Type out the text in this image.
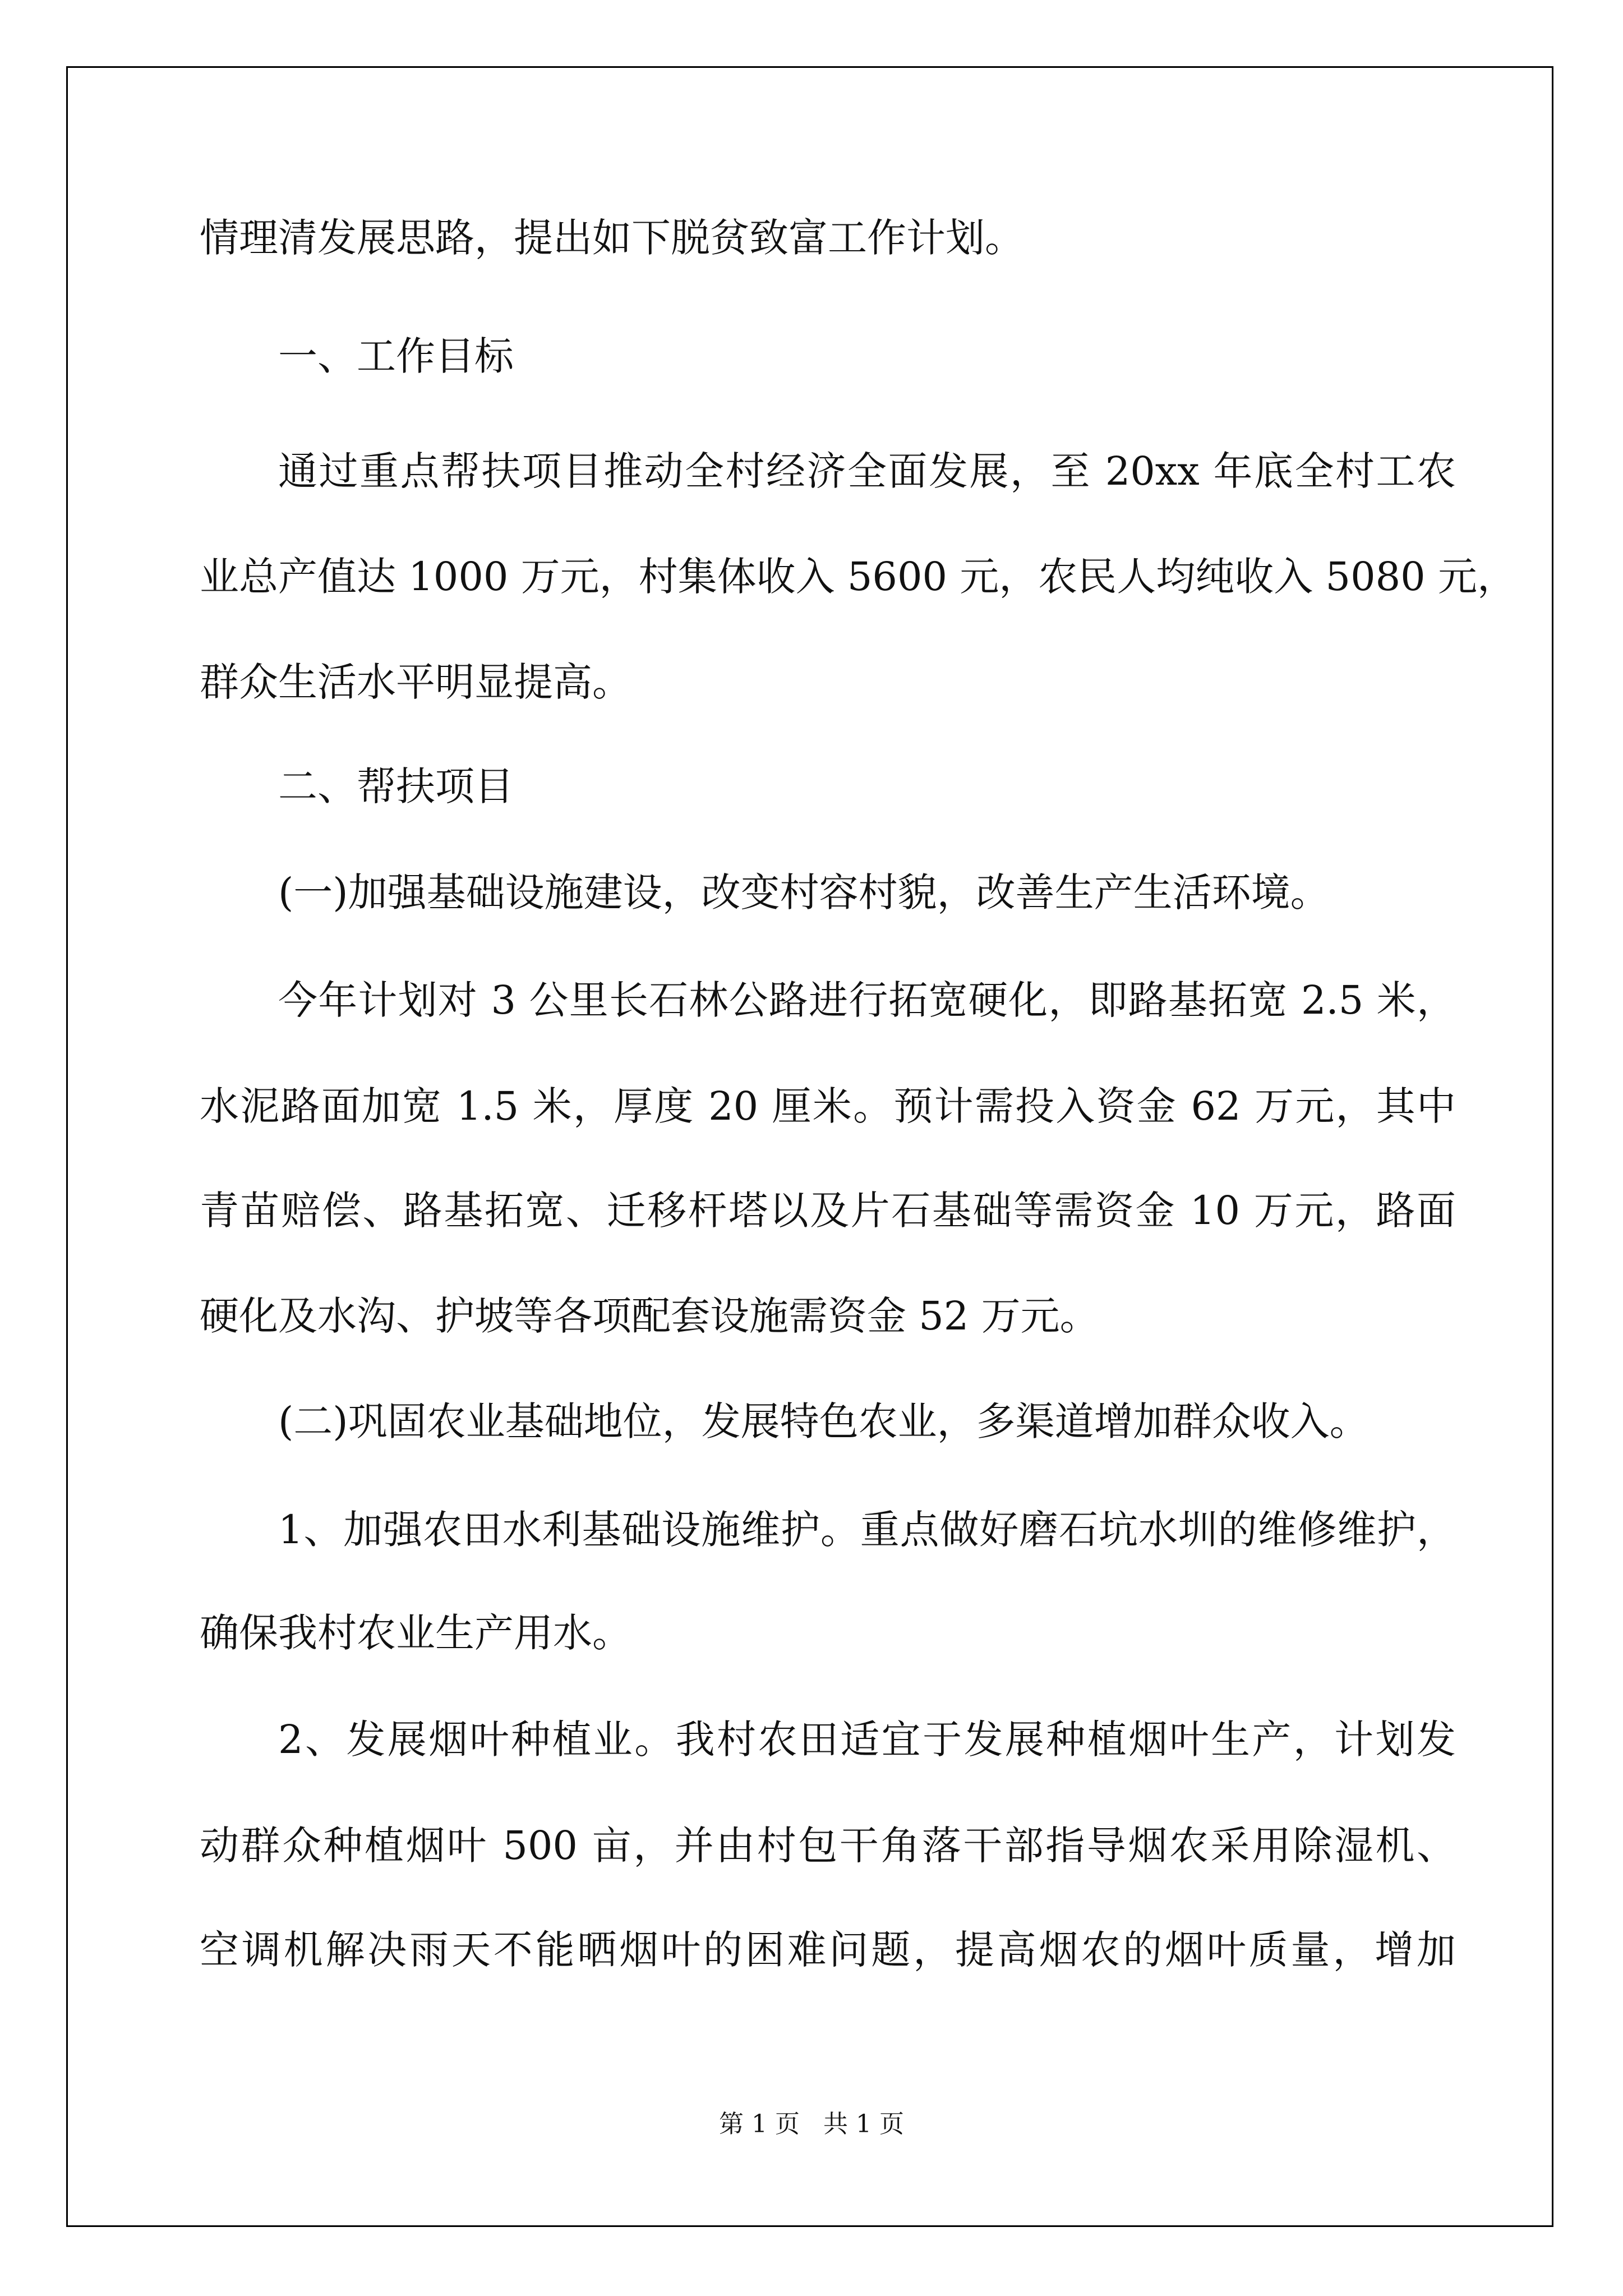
情理清发展思路，提出如下脱贫致富工作计划。

一、工作目标

通过重点帮扶项目推动全村经济全面发展，至 20xx 年底全村工农

业总产值达 1000 万元，村集体收入 5600 元，农民人均纯收入 5080 元，

群众生活水平明显提高。

二、帮扶项目

(一)加强基础设施建设，改变村容村貌，改善生产生活环境。

今年计划对 3 公里长石林公路进行拓宽硬化，即路基拓宽 2.5 米，

水泥路面加宽 1.5 米，厚度 20 厘米。预计需投入资金 62 万元，其中

青苗赔偿、路基拓宽、迁移杆塔以及片石基础等需资金 10 万元，路面

硬化及水沟、护坡等各项配套设施需资金 52 万元。

(二)巩固农业基础地位，发展特色农业，多渠道增加群众收入。

1、加强农田水利基础设施维护。重点做好磨石坑水圳的维修维护，

确保我村农业生产用水。

2、发展烟叶种植业。我村农田适宜于发展种植烟叶生产，计划发

动群众种植烟叶 500 亩，并由村包干角落干部指导烟农采用除湿机、

空调机解决雨天不能晒烟叶的困难问题，提高烟农的烟叶质量，增加

第 1 页   共 1 页
